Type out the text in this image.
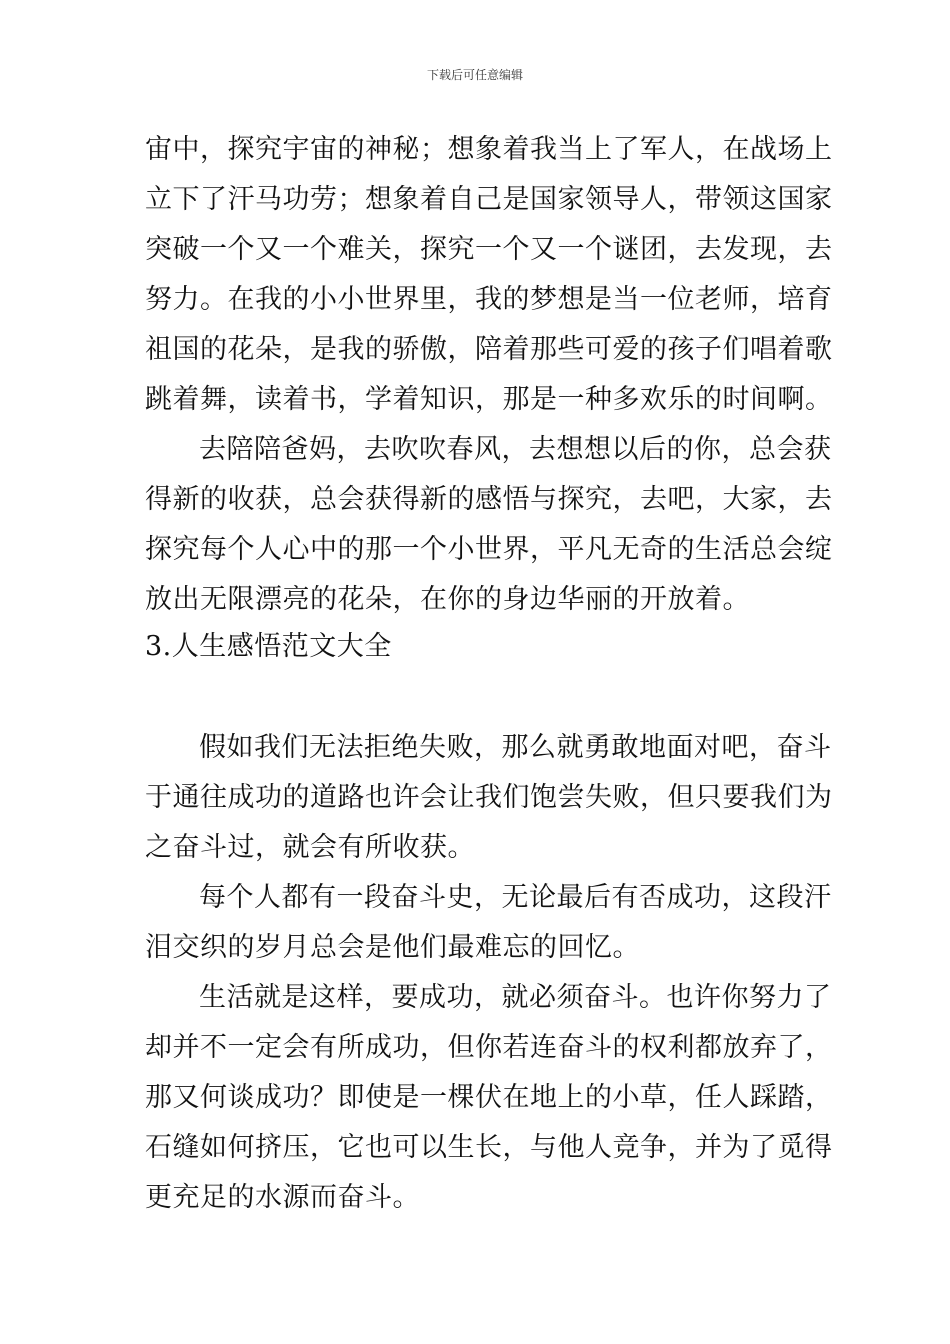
下载后可任意编辑
宙中，探究宇宙的神秘；想象着我当上了军人，在战场上
立下了汗马功劳；想象着自己是国家领导人，带领这国家
突破一个又一个难关，探究一个又一个谜团，去发现，去
努力。在我的小小世界里，我的梦想是当一位老师，培育
祖国的花朵，是我的骄傲，陪着那些可爱的孩子们唱着歌
跳着舞，读着书，学着知识，那是一种多欢乐的时间啊。
去陪陪爸妈，去吹吹春风，去想想以后的你，总会获
得新的收获，总会获得新的感悟与探究，去吧，大家，去
探究每个人心中的那一个小世界，平凡无奇的生活总会绽
放出无限漂亮的花朵，在你的身边华丽的开放着。
3.人生感悟范文大全
假如我们无法拒绝失败，那么就勇敢地面对吧，奋斗
于通往成功的道路也许会让我们饱尝失败，但只要我们为
之奋斗过，就会有所收获。
每个人都有一段奋斗史，无论最后有否成功，这段汗
泪交织的岁月总会是他们最难忘的回忆。
生活就是这样，要成功，就必须奋斗。也许你努力了
却并不一定会有所成功，但你若连奋斗的权利都放弃了，
那又何谈成功？即使是一棵伏在地上的小草，任人踩踏，
石缝如何挤压，它也可以生长，与他人竞争，并为了觅得
更充足的水源而奋斗。
